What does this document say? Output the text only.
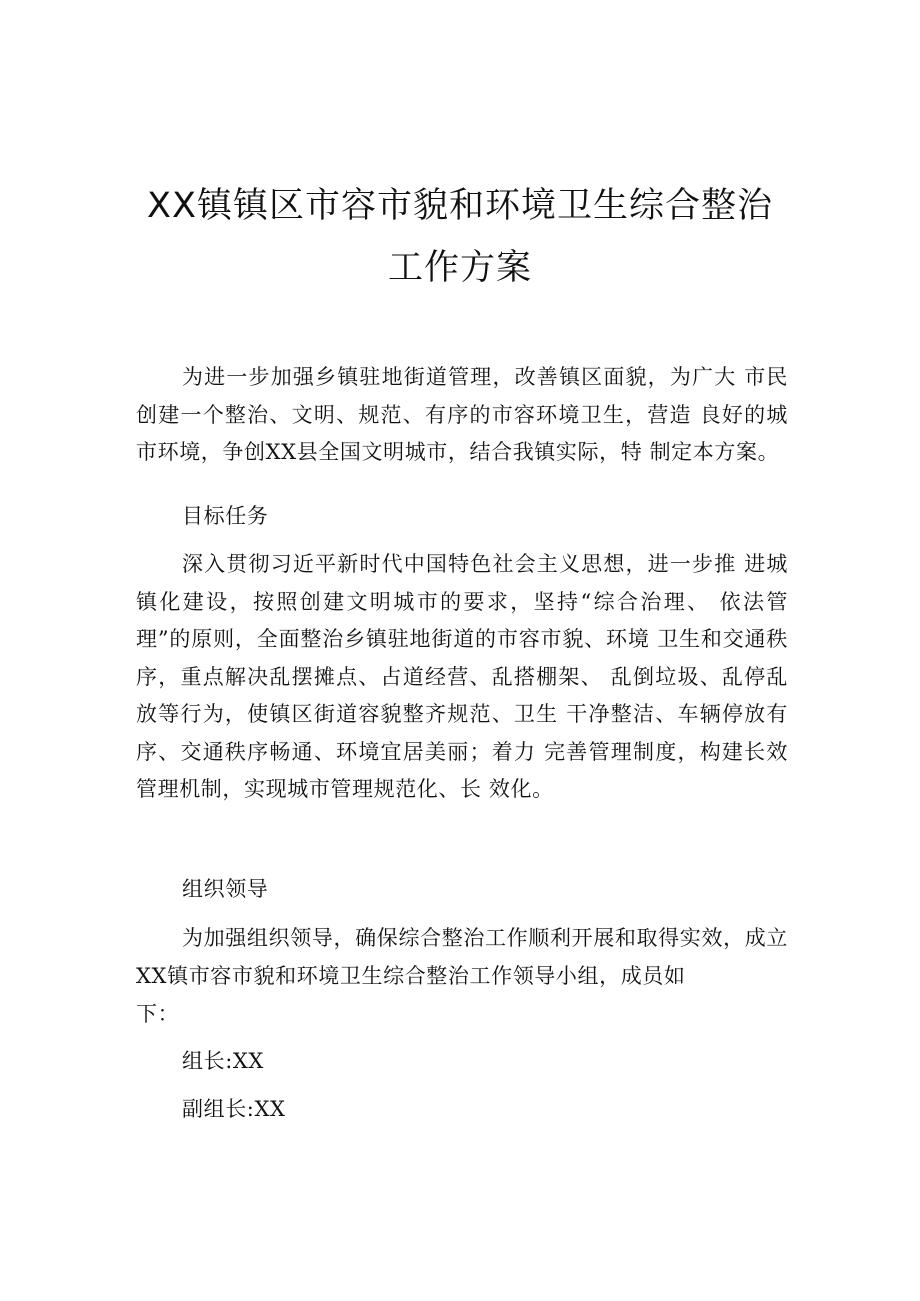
XX镇镇区市容市貌和环境卫生综合整治
工作方案

为进一步加强乡镇驻地街道管理，改善镇区面貌，为广大 市民创建一个整治、文明、规范、有序的市容环境卫生，营造 良好的城市环境，争创XX县全国文明城市，结合我镇实际，特 制定本方案。

目标任务

深入贯彻习近平新时代中国特色社会主义思想，进一步推 进城镇化建设，按照创建文明城市的要求，坚持“综合治理、 依法管理”的原则，全面整治乡镇驻地街道的市容市貌、环境 卫生和交通秩序，重点解决乱摆摊点、占道经营、乱搭棚架、 乱倒垃圾、乱停乱放等行为，使镇区街道容貌整齐规范、卫生 干净整洁、车辆停放有序、交通秩序畅通、环境宜居美丽；着力 完善管理制度，构建长效管理机制，实现城市管理规范化、长 效化。

组织领导

为加强组织领导，确保综合整治工作顺利开展和取得实效，成立XX镇市容市貌和环境卫生综合整治工作领导小组，成员如

下：

组长:XX

副组长:XX
